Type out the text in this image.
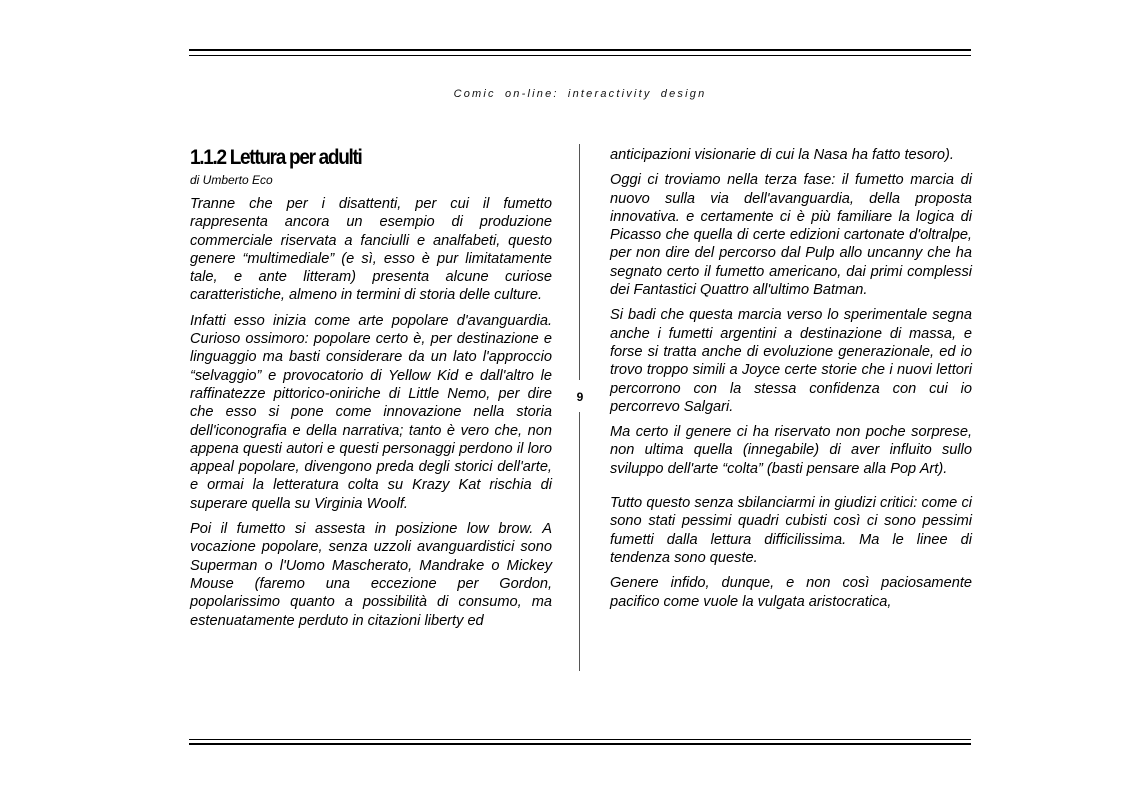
Comic on-line: interactivity design
1.1.2 Lettura per adulti
di Umberto Eco

Tranne che per i disattenti, per cui il fumetto rappresenta ancora un esempio di produzione commerciale riservata a fanciulli e analfabeti, questo genere “multimediale” (e sì, esso è pur limitatamente tale, e ante litteram) presenta alcune curiose caratteristiche, almeno in termini di storia delle culture.

Infatti esso inizia come arte popolare d'avanguardia. Curioso ossimoro: popolare certo è, per destinazione e linguaggio ma basti considerare da un lato l'approccio “selvaggio” e provocatorio di Yellow Kid e dall'altro le raffinatezze pittorico-oniriche di Little Nemo, per dire che esso si pone come innovazione nella storia dell'iconografia e della narrativa; tanto è vero che, non appena questi autori e questi personaggi perdono il loro appeal popolare, divengono preda degli storici dell'arte, e ormai la letteratura colta su Krazy Kat rischia di superare quella su Virginia Woolf.

Poi il fumetto si assesta in posizione low brow. A vocazione popolare, senza uzzoli avanguardistici sono Superman o l'Uomo Mascherato, Mandrake o Mickey Mouse (faremo una eccezione per Gordon, popolarissimo quanto a possibilità di consumo, ma estenuatamente perduto in citazioni liberty ed

9

anticipazioni visionarie di cui la Nasa ha fatto tesoro).

Oggi ci troviamo nella terza fase: il fumetto marcia di nuovo sulla via dell'avanguardia, della proposta innovativa. e certamente ci è più familiare la logica di Picasso che quella di certe edizioni cartonate d'oltralpe, per non dire del percorso dal Pulp allo uncanny che ha segnato certo il fumetto americano, dai primi complessi dei Fantastici Quattro all'ultimo Batman.

Si badi che questa marcia verso lo sperimentale segna anche i fumetti argentini a destinazione di massa, e forse si tratta anche di evoluzione generazionale, ed io trovo troppo simili a Joyce certe storie che i nuovi lettori percorrono con la stessa confidenza con cui io percorrevo Salgari.

Ma certo il genere ci ha riservato non poche sorprese, non ultima quella (innegabile) di aver influito sullo sviluppo dell'arte “colta” (basti pensare alla Pop Art).

Tutto questo senza sbilanciarmi in giudizi critici: come ci sono stati pessimi quadri cubisti così ci sono pessimi fumetti dalla lettura difficilissima. Ma le linee di tendenza sono queste.

Genere infido, dunque, e non così paciosamente pacifico come vuole la vulgata aristocratica,
